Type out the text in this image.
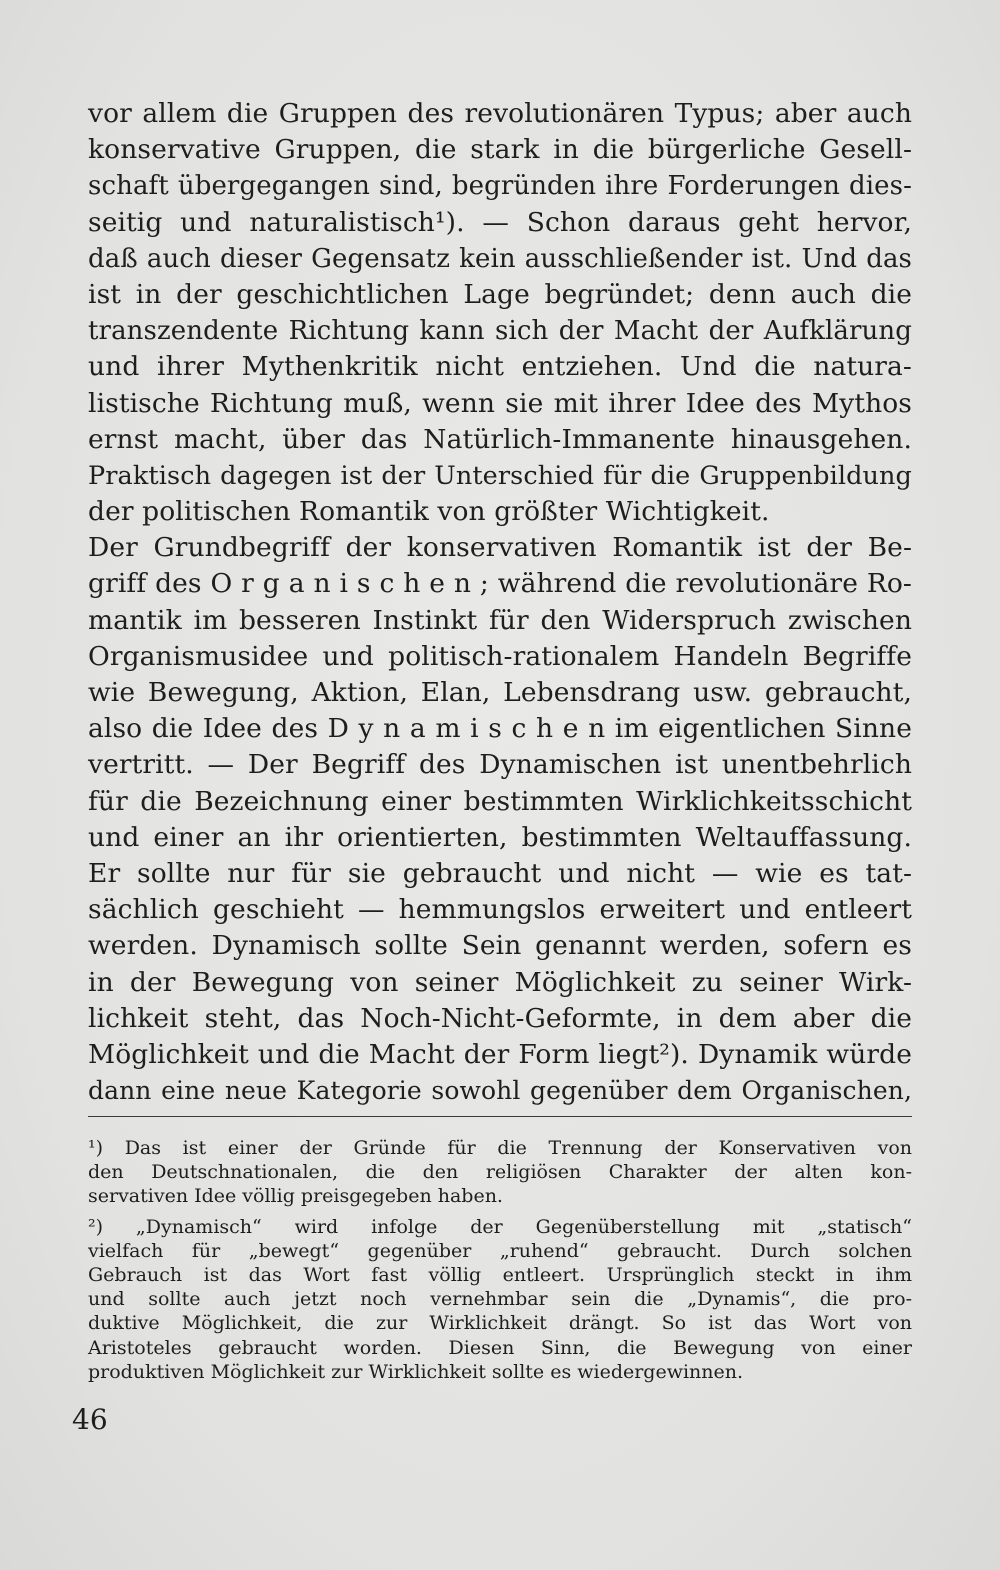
vor allem die Gruppen des revolutionären Typus; aber auch
konservative Gruppen, die stark in die bürgerliche Gesell-
schaft übergegangen sind, begründen ihre Forderungen dies-
seitig und naturalistisch¹). — Schon daraus geht hervor,
daß auch dieser Gegensatz kein ausschließender ist. Und das
ist in der geschichtlichen Lage begründet; denn auch die
transzendente Richtung kann sich der Macht der Aufklärung
und ihrer Mythenkritik nicht entziehen. Und die natura-
listische Richtung muß, wenn sie mit ihrer Idee des Mythos
ernst macht, über das Natürlich-Immanente hinausgehen.
Praktisch dagegen ist der Unterschied für die Gruppenbildung
der politischen Romantik von größter Wichtigkeit.
Der Grundbegriff der konservativen Romantik ist der Be-
griff des O r g a n i s c h e n ; während die revolutionäre Ro-
mantik im besseren Instinkt für den Widerspruch zwischen
Organismusidee und politisch-rationalem Handeln Begriffe
wie Bewegung, Aktion, Elan, Lebensdrang usw. gebraucht,
also die Idee des D y n a m i s c h e n im eigentlichen Sinne
vertritt. — Der Begriff des Dynamischen ist unentbehrlich
für die Bezeichnung einer bestimmten Wirklichkeitsschicht
und einer an ihr orientierten, bestimmten Weltauffassung.
Er sollte nur für sie gebraucht und nicht — wie es tat-
sächlich geschieht — hemmungslos erweitert und entleert
werden. Dynamisch sollte Sein genannt werden, sofern es
in der Bewegung von seiner Möglichkeit zu seiner Wirk-
lichkeit steht, das Noch-Nicht-Geformte, in dem aber die
Möglichkeit und die Macht der Form liegt²). Dynamik würde
dann eine neue Kategorie sowohl gegenüber dem Organischen,
¹) Das ist einer der Gründe für die Trennung der Konservativen von
den Deutschnationalen, die den religiösen Charakter der alten kon-
servativen Idee völlig preisgegeben haben.
²) „Dynamisch“ wird infolge der Gegenüberstellung mit „statisch“
vielfach für „bewegt“ gegenüber „ruhend“ gebraucht. Durch solchen
Gebrauch ist das Wort fast völlig entleert. Ursprünglich steckt in ihm
und sollte auch jetzt noch vernehmbar sein die „Dynamis“, die pro-
duktive Möglichkeit, die zur Wirklichkeit drängt. So ist das Wort von
Aristoteles gebraucht worden. Diesen Sinn, die Bewegung von einer
produktiven Möglichkeit zur Wirklichkeit sollte es wiedergewinnen.
46
